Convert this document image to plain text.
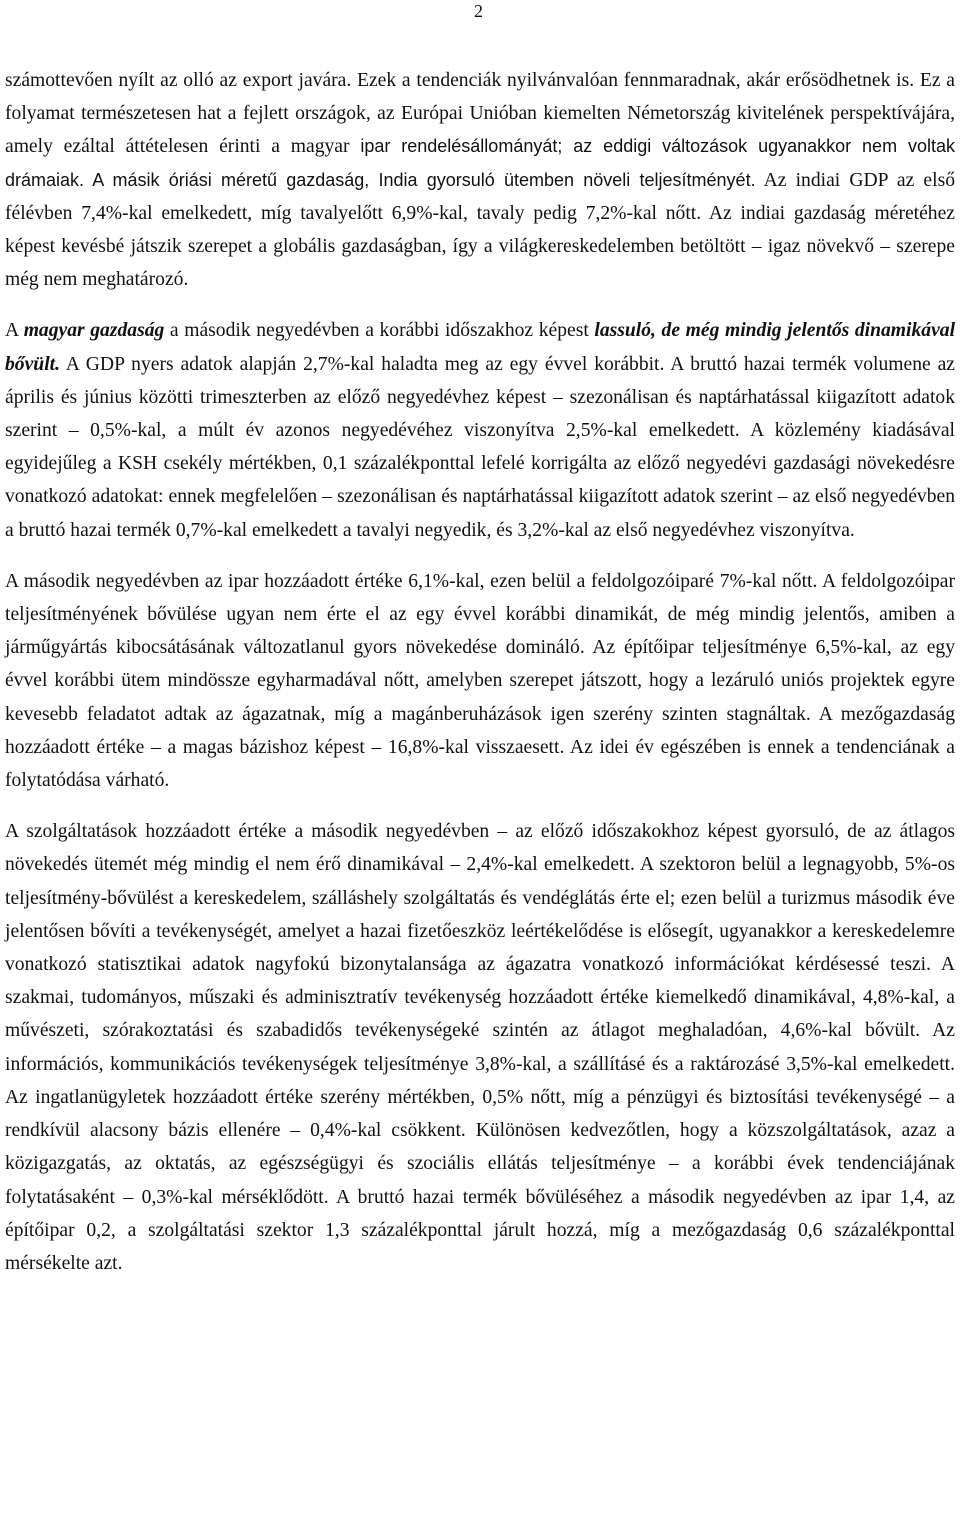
2

számottevően nyílt az olló az export javára. Ezek a tendenciák nyilvánvalóan fennmaradnak, akár erősödhetnek is. Ez a folyamat természetesen hat a fejlett országok, az Európai Unióban kiemelten Németország kivitelének perspektívájára, amely ezáltal áttételesen érinti a magyar ipar rendelésállományát; az eddigi változások ugyanakkor nem voltak drámaiak. A másik óriási méretű gazdaság, India gyorsuló ütemben növeli teljesítményét. Az indiai GDP az első félévben 7,4%-kal emelkedett, míg tavalyelőtt 6,9%-kal, tavaly pedig 7,2%-kal nőtt. Az indiai gazdaság méretéhez képest kevésbé játszik szerepet a globális gazdaságban, így a világkereskedelemben betöltött – igaz növekvő – szerepe még nem meghatározó.

A magyar gazdaság a második negyedévben a korábbi időszakhoz képest lassuló, de még mindig jelentős dinamikával bővült. A GDP nyers adatok alapján 2,7%-kal haladta meg az egy évvel korábbit. A bruttó hazai termék volumene az április és június közötti trimeszterben az előző negyedévhez képest – szezonálisan és naptárhatással kiigazított adatok szerint – 0,5%-kal, a múlt év azonos negyedévéhez viszonyítva 2,5%-kal emelkedett. A közlemény kiadásával egyidejűleg a KSH csekély mértékben, 0,1 százalékponttal lefelé korrigálta az előző negyedévi gazdasági növekedésre vonatkozó adatokat: ennek megfelelően – szezonálisan és naptárhatással kiigazított adatok szerint – az első negyedévben a bruttó hazai termék 0,7%-kal emelkedett a tavalyi negyedik, és 3,2%-kal az első negyedévhez viszonyítva.

A második negyedévben az ipar hozzáadott értéke 6,1%-kal, ezen belül a feldolgozóiparé 7%-kal nőtt. A feldolgozóipar teljesítményének bővülése ugyan nem érte el az egy évvel korábbi dinamikát, de még mindig jelentős, amiben a járműgyártás kibocsátásának változatlanul gyors növekedése domináló. Az építőipar teljesítménye 6,5%-kal, az egy évvel korábbi ütem mindössze egyharmadával nőtt, amelyben szerepet játszott, hogy a lezáruló uniós projektek egyre kevesebb feladatot adtak az ágazatnak, míg a magánberuházások igen szerény szinten stagnáltak. A mezőgazdaság hozzáadott értéke – a magas bázishoz képest – 16,8%-kal visszaesett. Az idei év egészében is ennek a tendenciának a folytatódása várható.

A szolgáltatások hozzáadott értéke a második negyedévben – az előző időszakokhoz képest gyorsuló, de az átlagos növekedés ütemét még mindig el nem érő dinamikával – 2,4%-kal emelkedett. A szektoron belül a legnagyobb, 5%-os teljesítmény-bővülést a kereskedelem, szálláshely szolgáltatás és vendéglátás érte el; ezen belül a turizmus második éve jelentősen bővíti a tevékenységét, amelyet a hazai fizetőeszköz leértékelődése is elősegít, ugyanakkor a kereskedelemre vonatkozó statisztikai adatok nagyfokú bizonytalansága az ágazatra vonatkozó információkat kérdésessé teszi. A szakmai, tudományos, műszaki és adminisztratív tevékenység hozzáadott értéke kiemelkedő dinamikával, 4,8%-kal, a művészeti, szórakoztatási és szabadidős tevékenységeké szintén az átlagot meghaladóan, 4,6%-kal bővült. Az információs, kommunikációs tevékenységek teljesítménye 3,8%-kal, a szállításé és a raktározásé 3,5%-kal emelkedett. Az ingatlanügyletek hozzáadott értéke szerény mértékben, 0,5% nőtt, míg a pénzügyi és biztosítási tevékenységé – a rendkívül alacsony bázis ellenére – 0,4%-kal csökkent. Különösen kedvezőtlen, hogy a közszolgáltatások, azaz a közigazgatás, az oktatás, az egészségügyi és szociális ellátás teljesítménye – a korábbi évek tendenciájának folytatásaként – 0,3%-kal mérséklődött. A bruttó hazai termék bővüléséhez a második negyedévben az ipar 1,4, az építőipar 0,2, a szolgáltatási szektor 1,3 százalékponttal járult hozzá, míg a mezőgazdaság 0,6 százalékponttal mérsékelte azt.
